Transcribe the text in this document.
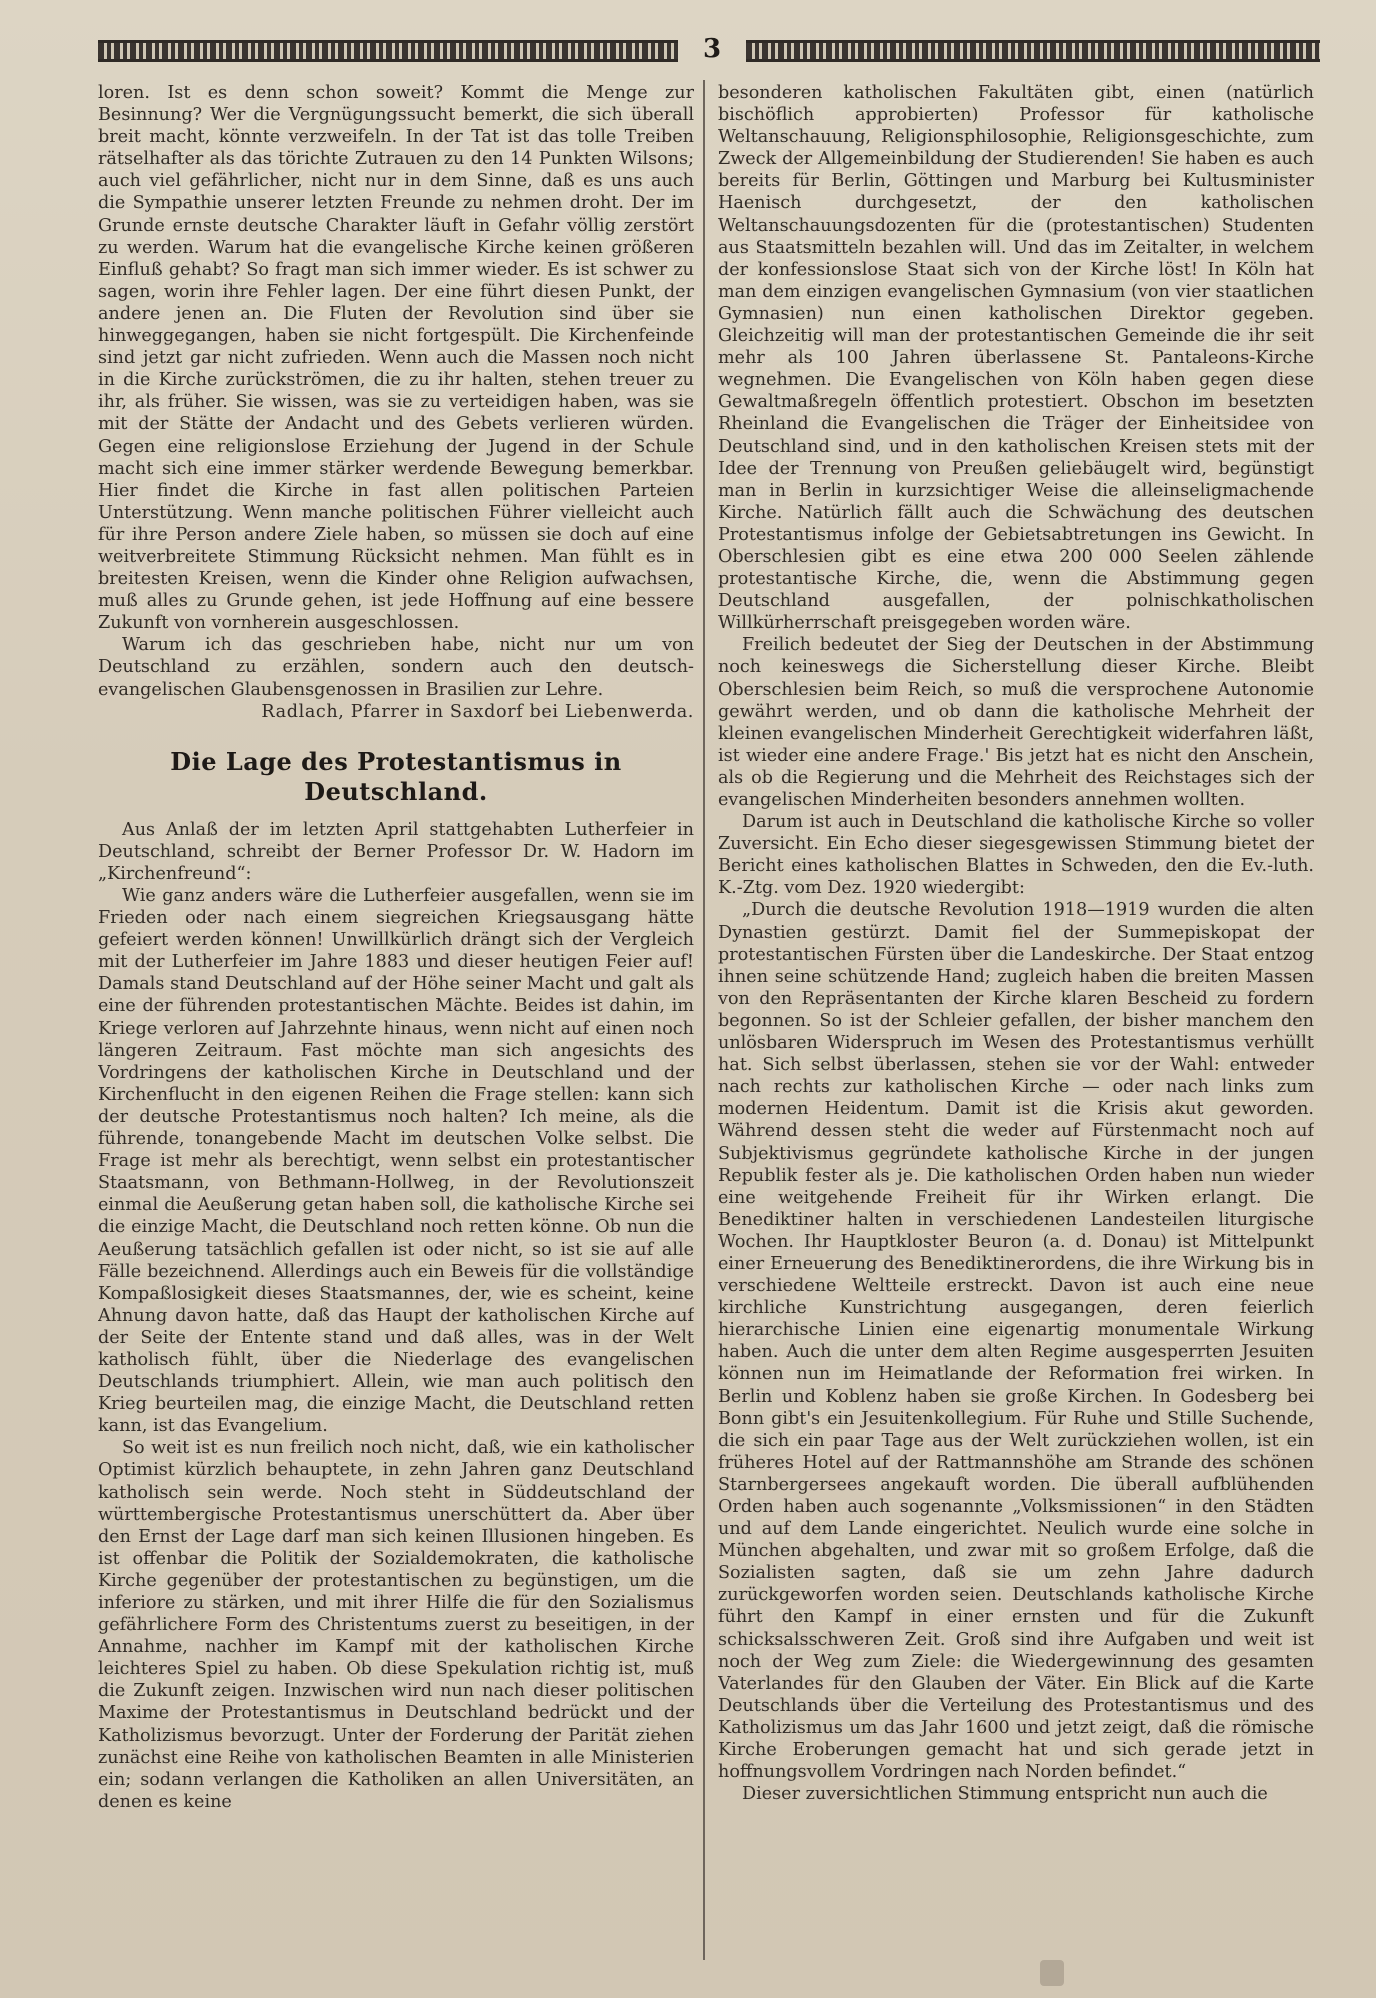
3

loren. Ist es denn schon soweit? Kommt die Menge zur Besinnung? Wer die Vergnügungssucht bemerkt, die sich überall breit macht, könnte verzweifeln. In der Tat ist das tolle Treiben rätselhafter als das törichte Zutrauen zu den 14 Punkten Wilsons; auch viel gefährlicher, nicht nur in dem Sinne, daß es uns auch die Sympathie unserer letzten Freunde zu nehmen droht. Der im Grunde ernste deutsche Charakter läuft in Gefahr völlig zerstört zu werden. Warum hat die evangelische Kirche keinen größeren Einfluß gehabt? So fragt man sich immer wieder. Es ist schwer zu sagen, worin ihre Fehler lagen. Der eine führt diesen Punkt, der andere jenen an. Die Fluten der Revolution sind über sie hinweggegangen, haben sie nicht fortgespült. Die Kirchenfeinde sind jetzt gar nicht zufrieden. Wenn auch die Massen noch nicht in die Kirche zurückströmen, die zu ihr halten, stehen treuer zu ihr, als früher. Sie wissen, was sie zu verteidigen haben, was sie mit der Stätte der Andacht und des Gebets verlieren würden. Gegen eine religionslose Erziehung der Jugend in der Schule macht sich eine immer stärker werdende Bewegung bemerkbar. Hier findet die Kirche in fast allen politischen Parteien Unterstützung. Wenn manche politischen Führer vielleicht auch für ihre Person andere Ziele haben, so müssen sie doch auf eine weitverbreitete Stimmung Rücksicht nehmen. Man fühlt es in breitesten Kreisen, wenn die Kinder ohne Religion aufwachsen, muß alles zu Grunde gehen, ist jede Hoffnung auf eine bessere Zukunft von vornherein ausgeschlossen.

Warum ich das geschrieben habe, nicht nur um von Deutschland zu erzählen, sondern auch den deutsch-evangelischen Glaubensgenossen in Brasilien zur Lehre.

Radlach, Pfarrer in Saxdorf bei Liebenwerda.

Die Lage des Protestantismus in Deutschland.

Aus Anlaß der im letzten April stattgehabten Lutherfeier in Deutschland, schreibt der Berner Professor Dr. W. Hadorn im „Kirchenfreund“:

Wie ganz anders wäre die Lutherfeier ausgefallen, wenn sie im Frieden oder nach einem siegreichen Kriegsausgang hätte gefeiert werden können! Unwillkürlich drängt sich der Vergleich mit der Lutherfeier im Jahre 1883 und dieser heutigen Feier auf! Damals stand Deutschland auf der Höhe seiner Macht und galt als eine der führenden protestantischen Mächte. Beides ist dahin, im Kriege verloren auf Jahrzehnte hinaus, wenn nicht auf einen noch längeren Zeitraum. Fast möchte man sich angesichts des Vordringens der katholischen Kirche in Deutschland und der Kirchenflucht in den eigenen Reihen die Frage stellen: kann sich der deutsche Protestantismus noch halten? Ich meine, als die führende, tonangebende Macht im deutschen Volke selbst. Die Frage ist mehr als berechtigt, wenn selbst ein protestantischer Staatsmann, von Bethmann-Hollweg, in der Revolutionszeit einmal die Aeußerung getan haben soll, die katholische Kirche sei die einzige Macht, die Deutschland noch retten könne. Ob nun die Aeußerung tatsächlich gefallen ist oder nicht, so ist sie auf alle Fälle bezeichnend. Allerdings auch ein Beweis für die vollständige Kompaßlosigkeit dieses Staatsmannes, der, wie es scheint, keine Ahnung davon hatte, daß das Haupt der katholischen Kirche auf der Seite der Entente stand und daß alles, was in der Welt katholisch fühlt, über die Niederlage des evangelischen Deutschlands triumphiert. Allein, wie man auch politisch den Krieg beurteilen mag, die einzige Macht, die Deutschland retten kann, ist das Evangelium.

So weit ist es nun freilich noch nicht, daß, wie ein katholischer Optimist kürzlich behauptete, in zehn Jahren ganz Deutschland katholisch sein werde. Noch steht in Süddeutschland der württembergische Protestantismus unerschüttert da. Aber über den Ernst der Lage darf man sich keinen Illusionen hingeben. Es ist offenbar die Politik der Sozialdemokraten, die katholische Kirche gegenüber der protestantischen zu begünstigen, um die inferiore zu stärken, und mit ihrer Hilfe die für den Sozialismus gefährlichere Form des Christentums zuerst zu beseitigen, in der Annahme, nachher im Kampf mit der katholischen Kirche leichteres Spiel zu haben. Ob diese Spekulation richtig ist, muß die Zukunft zeigen. Inzwischen wird nun nach dieser politischen Maxime der Protestantismus in Deutschland bedrückt und der Katholizismus bevorzugt. Unter der Forderung der Parität ziehen zunächst eine Reihe von katholischen Beamten in alle Ministerien ein; sodann verlangen die Katholiken an allen Universitäten, an denen es keine

besonderen katholischen Fakultäten gibt, einen (natürlich bischöflich approbierten) Professor für katholische Weltanschauung, Religionsphilosophie, Religionsgeschichte, zum Zweck der Allgemeinbildung der Studierenden! Sie haben es auch bereits für Berlin, Göttingen und Marburg bei Kultusminister Haenisch durchgesetzt, der den katholischen Weltanschauungsdozenten für die (protestantischen) Studenten aus Staatsmitteln bezahlen will. Und das im Zeitalter, in welchem der konfessionslose Staat sich von der Kirche löst! In Köln hat man dem einzigen evangelischen Gymnasium (von vier staatlichen Gymnasien) nun einen katholischen Direktor gegeben. Gleichzeitig will man der protestantischen Gemeinde die ihr seit mehr als 100 Jahren überlassene St. Pantaleons-Kirche wegnehmen. Die Evangelischen von Köln haben gegen diese Gewaltmaßregeln öffentlich protestiert. Obschon im besetzten Rheinland die Evangelischen die Träger der Einheitsidee von Deutschland sind, und in den katholischen Kreisen stets mit der Idee der Trennung von Preußen geliebäugelt wird, begünstigt man in Berlin in kurzsichtiger Weise die alleinseligmachende Kirche. Natürlich fällt auch die Schwächung des deutschen Protestantismus infolge der Gebietsabtretungen ins Gewicht. In Oberschlesien gibt es eine etwa 200 000 Seelen zählende protestantische Kirche, die, wenn die Abstimmung gegen Deutschland ausgefallen, der polnischkatholischen Willkürherrschaft preisgegeben worden wäre.

Freilich bedeutet der Sieg der Deutschen in der Abstimmung noch keineswegs die Sicherstellung dieser Kirche. Bleibt Oberschlesien beim Reich, so muß die versprochene Autonomie gewährt werden, und ob dann die katholische Mehrheit der kleinen evangelischen Minderheit Gerechtigkeit widerfahren läßt, ist wieder eine andere Frage.' Bis jetzt hat es nicht den Anschein, als ob die Regierung und die Mehrheit des Reichstages sich der evangelischen Minderheiten besonders annehmen wollten.

Darum ist auch in Deutschland die katholische Kirche so voller Zuversicht. Ein Echo dieser siegesgewissen Stimmung bietet der Bericht eines katholischen Blattes in Schweden, den die Ev.-luth. K.-Ztg. vom Dez. 1920 wiedergibt:

„Durch die deutsche Revolution 1918—1919 wurden die alten Dynastien gestürzt. Damit fiel der Summepiskopat der protestantischen Fürsten über die Landeskirche. Der Staat entzog ihnen seine schützende Hand; zugleich haben die breiten Massen von den Repräsentanten der Kirche klaren Bescheid zu fordern begonnen. So ist der Schleier gefallen, der bisher manchem den unlösbaren Widerspruch im Wesen des Protestantismus verhüllt hat. Sich selbst überlassen, stehen sie vor der Wahl: entweder nach rechts zur katholischen Kirche — oder nach links zum modernen Heidentum. Damit ist die Krisis akut geworden. Während dessen steht die weder auf Fürstenmacht noch auf Subjektivismus gegründete katholische Kirche in der jungen Republik fester als je. Die katholischen Orden haben nun wieder eine weitgehende Freiheit für ihr Wirken erlangt. Die Benediktiner halten in verschiedenen Landesteilen liturgische Wochen. Ihr Hauptkloster Beuron (a. d. Donau) ist Mittelpunkt einer Erneuerung des Benediktinerordens, die ihre Wirkung bis in verschiedene Weltteile erstreckt. Davon ist auch eine neue kirchliche Kunstrichtung ausgegangen, deren feierlich hierarchische Linien eine eigenartig monumentale Wirkung haben. Auch die unter dem alten Regime ausgesperrten Jesuiten können nun im Heimatlande der Reformation frei wirken. In Berlin und Koblenz haben sie große Kirchen. In Godesberg bei Bonn gibt's ein Jesuitenkollegium. Für Ruhe und Stille Suchende, die sich ein paar Tage aus der Welt zurückziehen wollen, ist ein früheres Hotel auf der Rattmannshöhe am Strande des schönen Starnbergersees angekauft worden. Die überall aufblühenden Orden haben auch sogenannte „Volksmissionen“ in den Städten und auf dem Lande eingerichtet. Neulich wurde eine solche in München abgehalten, und zwar mit so großem Erfolge, daß die Sozialisten sagten, daß sie um zehn Jahre dadurch zurückgeworfen worden seien. Deutschlands katholische Kirche führt den Kampf in einer ernsten und für die Zukunft schicksalsschweren Zeit. Groß sind ihre Aufgaben und weit ist noch der Weg zum Ziele: die Wiedergewinnung des gesamten Vaterlandes für den Glauben der Väter. Ein Blick auf die Karte Deutschlands über die Verteilung des Protestantismus und des Katholizismus um das Jahr 1600 und jetzt zeigt, daß die römische Kirche Eroberungen gemacht hat und sich gerade jetzt in hoffnungsvollem Vordringen nach Norden befindet.“

Dieser zuversichtlichen Stimmung entspricht nun auch die
